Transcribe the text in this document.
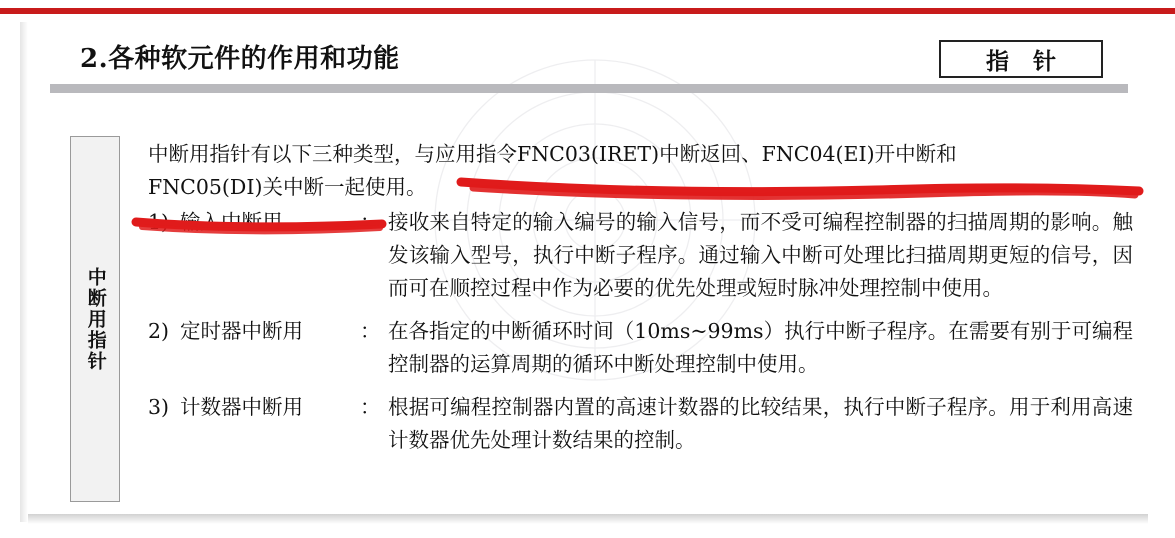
2.各种软元件的作用和功能	指 针
中断用指针
中断用指针有以下三种类型，与应用指令FNC03(IRET)中断返回、FNC04(EI)开中断和 FNC05(DI)关中断一起使用。
1) 输入中断用	： 接收来自特定的输入编号的输入信号，而不受可编程控制器的扫描周期的影响。触发该输入型号，执行中断子程序。通过输入中断可处理比扫描周期更短的信号，因而可在顺控过程中作为必要的优先处理或短时脉冲处理控制中使用。
2) 定时器中断用	： 在各指定的中断循环时间（10ms~99ms）执行中断子程序。在需要有别于可编程控制器的运算周期的循环中断处理控制中使用。
3) 计数器中断用	： 根据可编程控制器内置的高速计数器的比较结果，执行中断子程序。用于利用高速计数器优先处理计数结果的控制。
